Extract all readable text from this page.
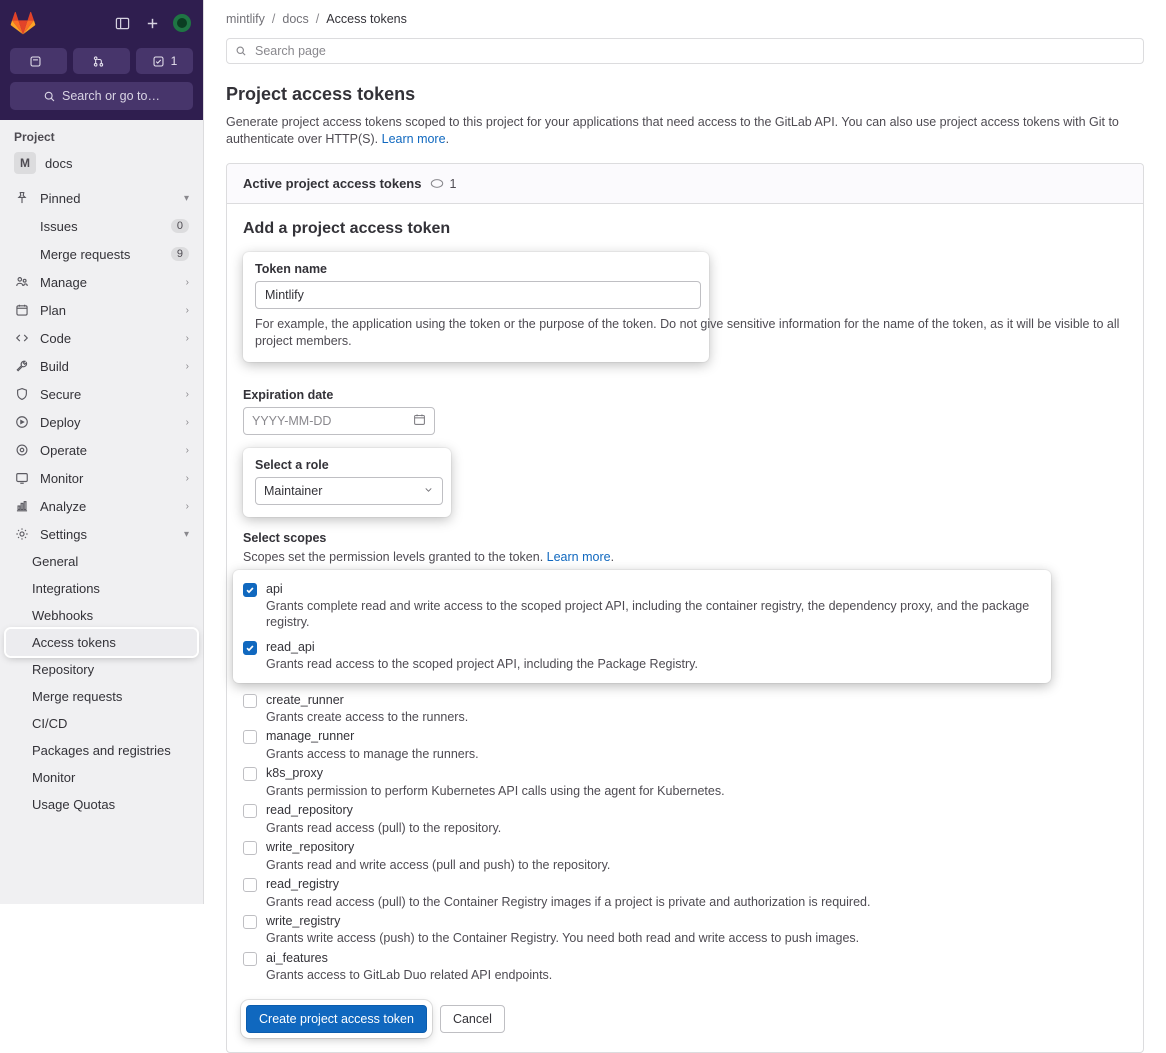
1
Search or go to…
Project
M	docs
Pinned	▾
Issues	0
Merge requests	9
Manage	›
Plan	›
Code	›
Build	›
Secure	›
Deploy	›
Operate	›
Monitor	›
Analyze	›
Settings	▾
General
Integrations
Webhooks
Access tokens
Repository
Merge requests
CI/CD
Packages and registries
Monitor
Usage Quotas
mintlify / docs / Access tokens
Search page
Project access tokens

Generate project access tokens scoped to this project for your applications that need access to the GitLab API. You can also use project access tokens with Git to authenticate over HTTP(S). Learn more.

Active project access tokens 1
Add a project access token
Token name
Mintlify
For example, the application using the token or the purpose of the token. Do not give sensitive information for the name of the token, as it will be visible to all project members.
Expiration date
YYYY-MM-DD
Select a role
Maintainer
Select scopes
Scopes set the permission levels granted to the token. Learn more.
api
Grants complete read and write access to the scoped project API, including the container registry, the dependency proxy, and the package registry.
read_api
Grants read access to the scoped project API, including the Package Registry.
create_runner
Grants create access to the runners.
manage_runner
Grants access to manage the runners.
k8s_proxy
Grants permission to perform Kubernetes API calls using the agent for Kubernetes.
read_repository
Grants read access (pull) to the repository.
write_repository
Grants read and write access (pull and push) to the repository.
read_registry
Grants read access (pull) to the Container Registry images if a project is private and authorization is required.
write_registry
Grants write access (push) to the Container Registry. You need both read and write access to push images.
ai_features
Grants access to GitLab Duo related API endpoints.
Create project access token	Cancel
